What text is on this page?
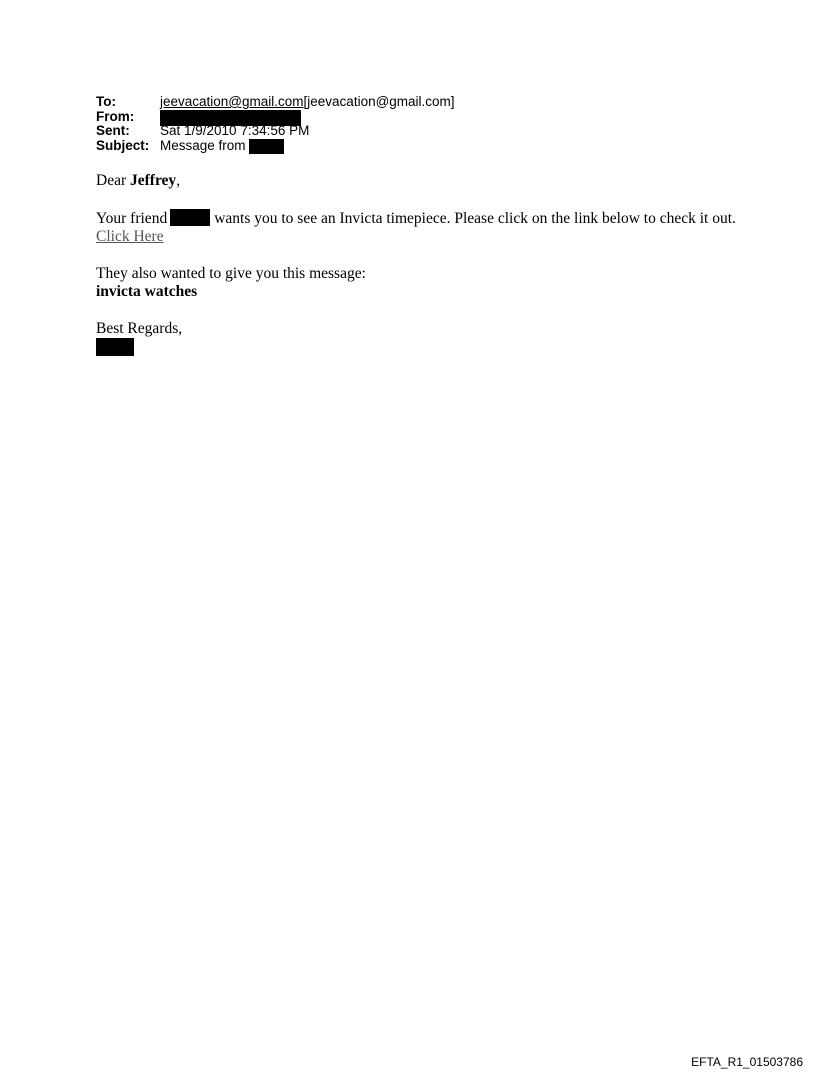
To:	jeevacation@gmail.com[jeevacation@gmail.com]
From:
Sent:	Sat 1/9/2010 7:34:56 PM
Subject: Message from

Dear Jeffrey,

Your friend	wants you to see an Invicta timepiece. Please click on the link below to check it out.
Click Here

They also wanted to give you this message:
invicta watches

Best Regards,

EFTA_R1_01503786
